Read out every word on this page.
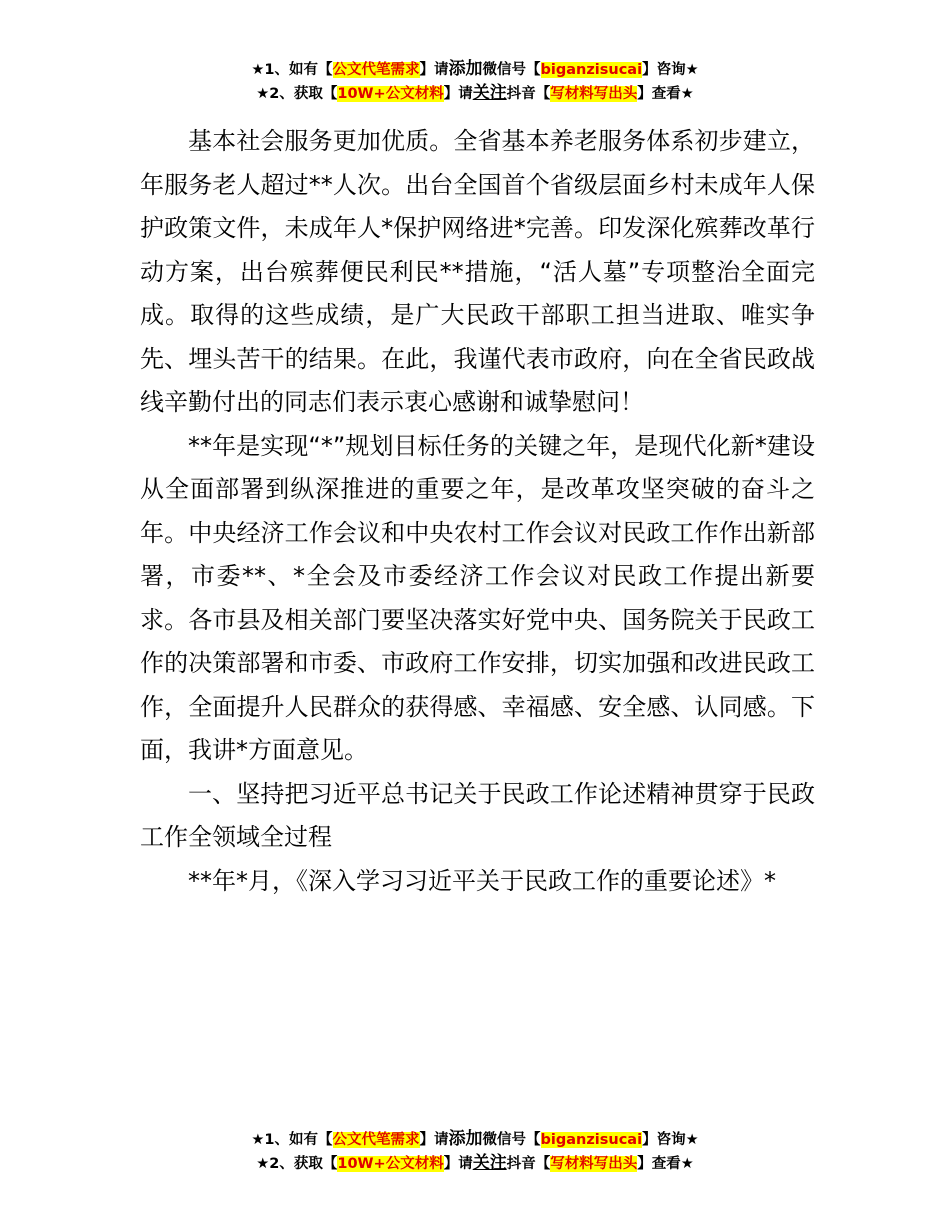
★1、如有【公文代笔需求】请添加微信号【biganzisucai】咨询★
★2、获取【10W+公文材料】请关注抖音【写材料写出头】查看★

基本社会服务更加优质。全省基本养老服务体系初步建立，年服务老人超过**人次。出台全国首个省级层面乡村未成年人保护政策文件，未成年人*保护网络进*完善。印发深化殡葬改革行动方案，出台殡葬便民利民**措施，“活人墓”专项整治全面完成。取得的这些成绩，是广大民政干部职工担当进取、唯实争先、埋头苦干的结果。在此，我谨代表市政府，向在全省民政战线辛勤付出的同志们表示衷心感谢和诚挚慰问！

**年是实现“*”规划目标任务的关键之年，是现代化新*建设从全面部署到纵深推进的重要之年，是改革攻坚突破的奋斗之年。中央经济工作会议和中央农村工作会议对民政工作作出新部署，市委**、*全会及市委经济工作会议对民政工作提出新要求。各市县及相关部门要坚决落实好党中央、国务院关于民政工作的决策部署和市委、市政府工作安排，切实加强和改进民政工作，全面提升人民群众的获得感、幸福感、安全感、认同感。下面，我讲*方面意见。

一、坚持把习近平总书记关于民政工作论述精神贯穿于民政工作全领域全过程

**年*月，《深入学习习近平关于民政工作的重要论述》*

★1、如有【公文代笔需求】请添加微信号【biganzisucai】咨询★
★2、获取【10W+公文材料】请关注抖音【写材料写出头】查看★
